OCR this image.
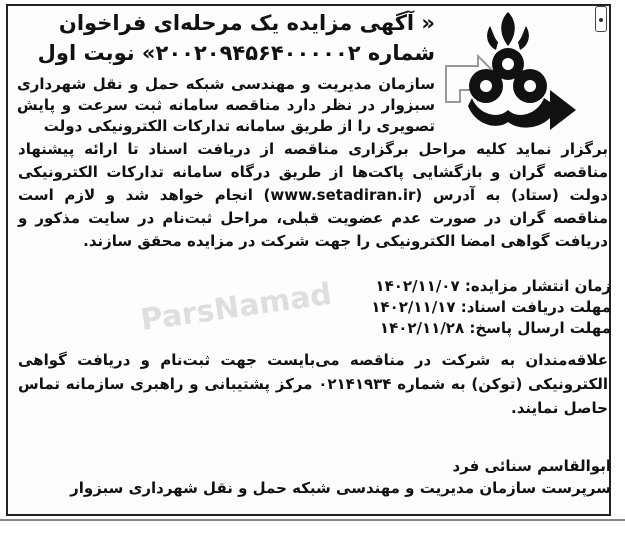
ParsNamad
« آگهی مزایده یک مرحله‌ای فراخوان
شماره ۲۰۰۲۰۹۴۵۶۴۰۰۰۰۰۲» نوبت اول
سازمان مدیریت و مهندسی شبکه حمل و نقل شهرداری سبزوار در نظر دارد مناقصه سامانه ثبت سرعت و پایش تصویری را از طریق سامانه تدارکات الکترونیکی دولت
برگزار نماید کلیه مراحل برگزاری مناقصه از دریافت اسناد تا ارائه پیشنهاد مناقصه گران و بازگشایی پاکت‌ها از طریق درگاه سامانه تدارکات الکترونیکی دولت (ستاد) به آدرس (www.setadiran.ir) انجام خواهد شد و لازم است مناقصه گران در صورت عدم عضویت قبلی، مراحل ثبت‌نام در سایت مذکور و دریافت گواهی امضا الکترونیکی را جهت شرکت در مزایده محقق سازند.
زمان انتشار مزایده: ۱۴۰۲/۱۱/۰۷
مهلت دریافت اسناد: ۱۴۰۲/۱۱/۱۷
مهلت ارسال پاسخ: ۱۴۰۲/۱۱/۲۸
علاقه‌مندان به شرکت در مناقصه می‌بایست جهت ثبت‌نام و دریافت گواهی الکترونیکی (توکن) به شماره ۰۲۱۴۱۹۳۴ مرکز پشتیبانی و راهبری سازمانه تماس حاصل نمایند.
ابوالقاسم سنائی فرد
سرپرست سازمان مدیریت و مهندسی شبکه حمل و نقل شهرداری سبزوار
